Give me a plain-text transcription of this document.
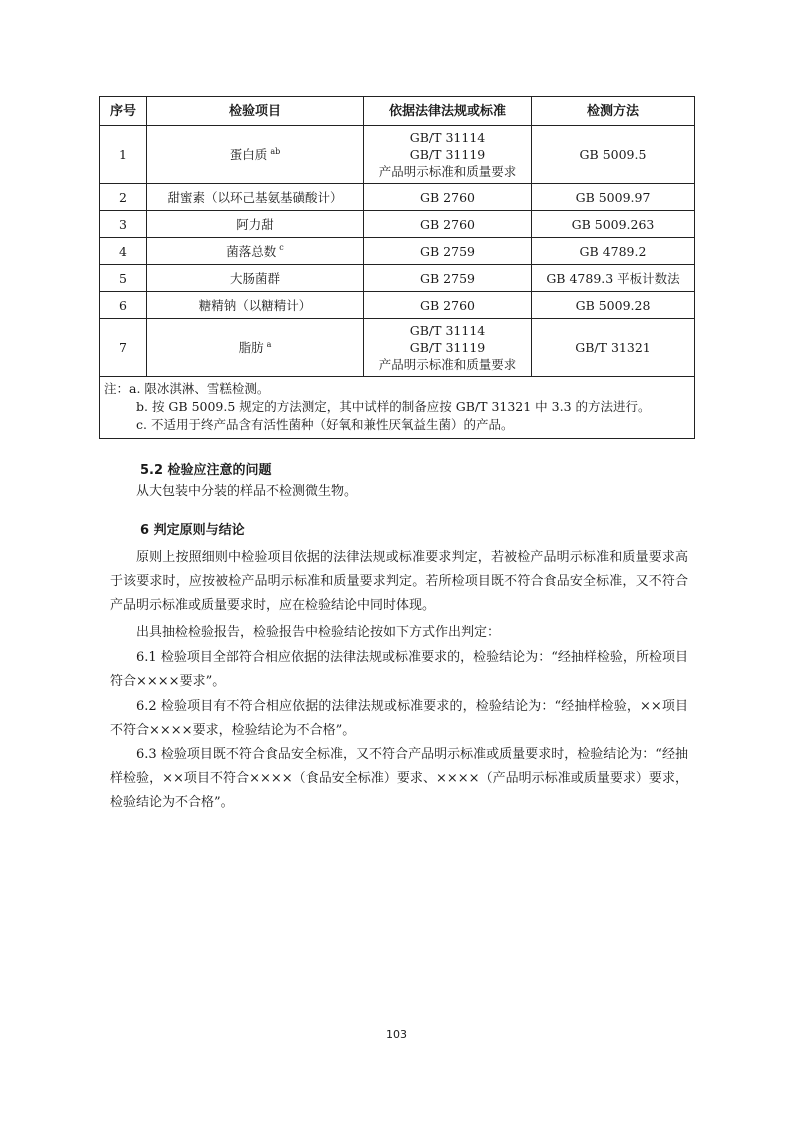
序号	检验项目	依据法律法规或标准	检测方法
1	蛋白质 $^{ab}$	GB/T 31114
GB/T 31119
产品明示标准和质量要求	GB 5009.5
2	甜蜜素（以环己基氨基磺酸计）	GB 2760	GB 5009.97
3	阿力甜	GB 2760	GB 5009.263
4	菌落总数 $^c$	GB 2759	GB 4789.2
5	大肠菌群	GB 2759	GB 4789.3 平板计数法
6	糖精钠（以糖精计）	GB 2760	GB 5009.28
7	脂肪 $^a$	GB/T 31114
GB/T 31119
产品明示标准和质量要求	GB/T 31321

注：a. 限冰淇淋、雪糕检测。
b. 按 GB 5009.5 规定的方法测定，其中试样的制备应按 GB/T 31321 中 3.3 的方法进行。
c. 不适用于终产品含有活性菌种（好氧和兼性厌氧益生菌）的产品。			
5.2 检验应注意的问题

从大包装中分装的样品不检测微生物。

6 判定原则与结论

原则上按照细则中检验项目依据的法律法规或标准要求判定，若被检产品明示标准和质量要求高于该要求时，应按被检产品明示标准和质量要求判定。若所检项目既不符合食品安全标准，又不符合产品明示标准或质量要求时，应在检验结论中同时体现。

出具抽检检验报告，检验报告中检验结论按如下方式作出判定：

6.1 检验项目全部符合相应依据的法律法规或标准要求的，检验结论为：“经抽样检验，所检项目符合××××要求”。

6.2 检验项目有不符合相应依据的法律法规或标准要求的，检验结论为：“经抽样检验，××项目不符合××××要求，检验结论为不合格”。

6.3 检验项目既不符合食品安全标准，又不符合产品明示标准或质量要求时，检验结论为：“经抽样检验，××项目不符合××××（食品安全标准）要求、××××（产品明示标准或质量要求）要求，检验结论为不合格”。

103
